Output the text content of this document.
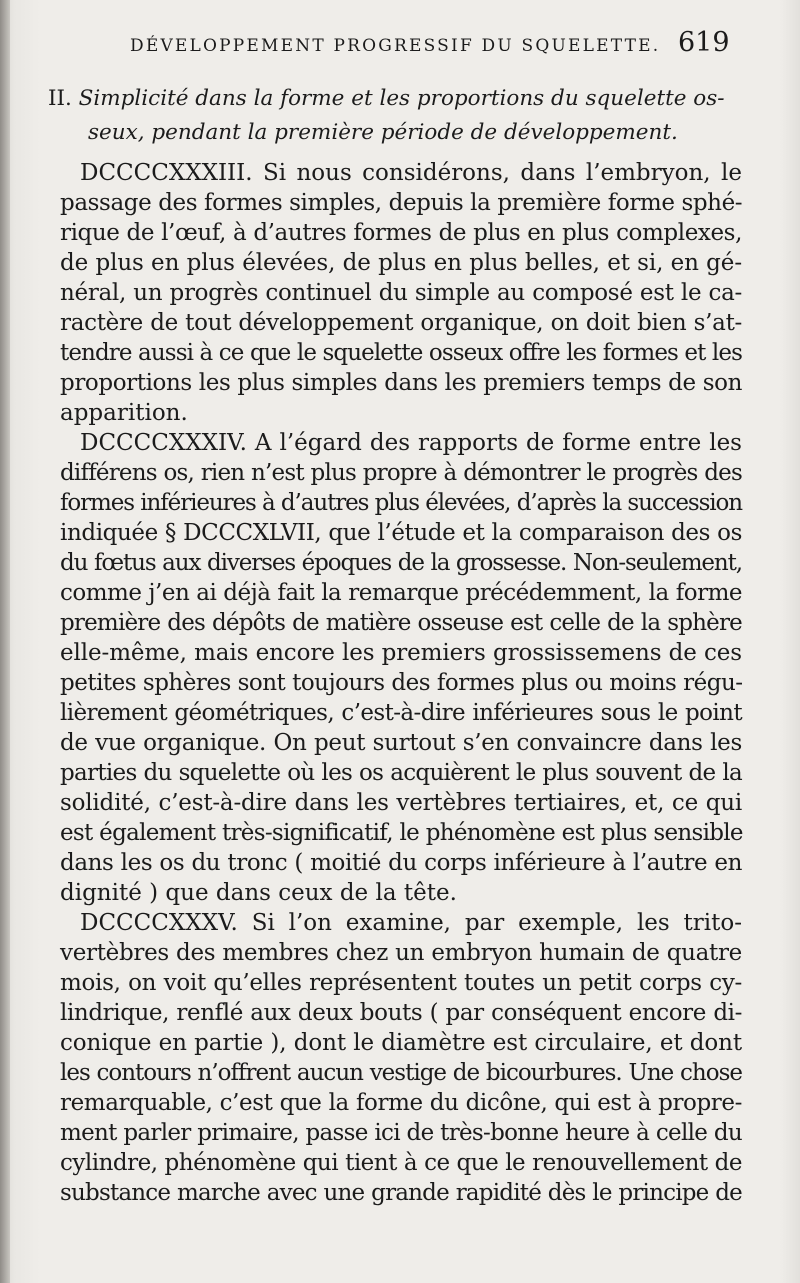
DÉVELOPPEMENT PROGRESSIF DU SQUELETTE. 619
II. Simplicité dans la forme et les proportions du squelette os-
seux, pendant la première période de développement.
DCCCCXXXIII. Si nous considérons, dans l’embryon, le
passage des formes simples, depuis la première forme sphé-
rique de l’œuf, à d’autres formes de plus en plus complexes,
de plus en plus élevées, de plus en plus belles, et si, en gé-
néral, un progrès continuel du simple au composé est le ca-
ractère de tout développement organique, on doit bien s’at-
tendre aussi à ce que le squelette osseux offre les formes et les
proportions les plus simples dans les premiers temps de son
apparition.
DCCCCXXXIV. A l’égard des rapports de forme entre les
différens os, rien n’est plus propre à démontrer le progrès des
formes inférieures à d’autres plus élevées, d’après la succession
indiquée § DCCCXLVII, que l’étude et la comparaison des os
du fœtus aux diverses époques de la grossesse. Non-seulement,
comme j’en ai déjà fait la remarque précédemment, la forme
première des dépôts de matière osseuse est celle de la sphère
elle-même, mais encore les premiers grossissemens de ces
petites sphères sont toujours des formes plus ou moins régu-
lièrement géométriques, c’est-à-dire inférieures sous le point
de vue organique. On peut surtout s’en convaincre dans les
parties du squelette où les os acquièrent le plus souvent de la
solidité, c’est-à-dire dans les vertèbres tertiaires, et, ce qui
est également très-significatif, le phénomène est plus sensible
dans les os du tronc ( moitié du corps inférieure à l’autre en
dignité ) que dans ceux de la tête.
DCCCCXXXV. Si l’on examine, par exemple, les trito-
vertèbres des membres chez un embryon humain de quatre
mois, on voit qu’elles représentent toutes un petit corps cy-
lindrique, renflé aux deux bouts ( par conséquent encore di-
conique en partie ), dont le diamètre est circulaire, et dont
les contours n’offrent aucun vestige de bicourbures. Une chose
remarquable, c’est que la forme du dicône, qui est à propre-
ment parler primaire, passe ici de très-bonne heure à celle du
cylindre, phénomène qui tient à ce que le renouvellement de
substance marche avec une grande rapidité dès le principe de
